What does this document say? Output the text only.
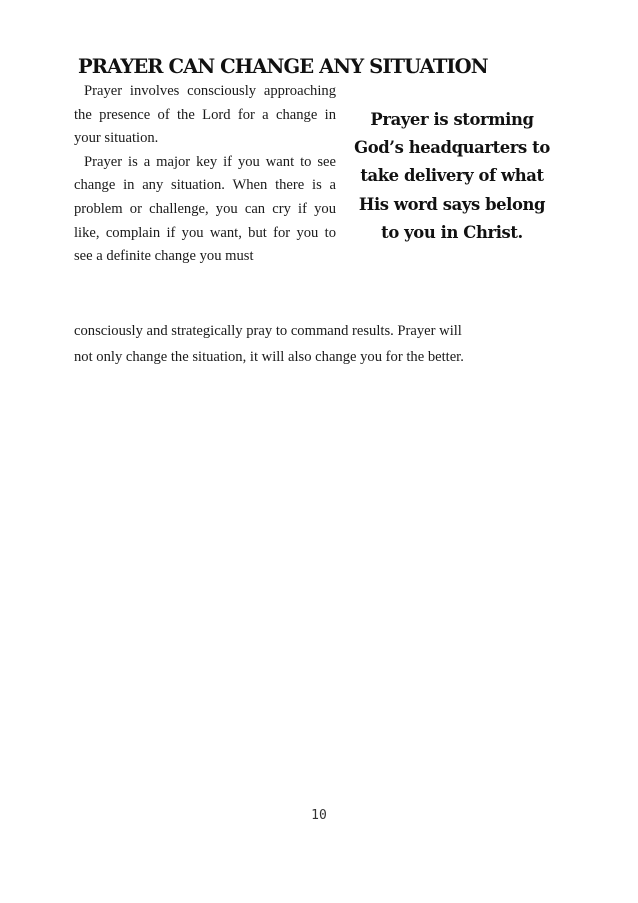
PRAYER CAN CHANGE ANY SITUATION

Prayer involves consciously approaching the presence of the Lord for a change in your situation.

Prayer is a major key if you want to see change in any situation. When there is a problem or challenge, you can cry if you like, complain if you want, but for you to see a definite change you must

Prayer is storming God’s headquarters to take delivery of what His word says belong to you in Christ.
consciously and strategically pray to command results. Prayer will
not only change the situation, it will also change you for the better.
10
